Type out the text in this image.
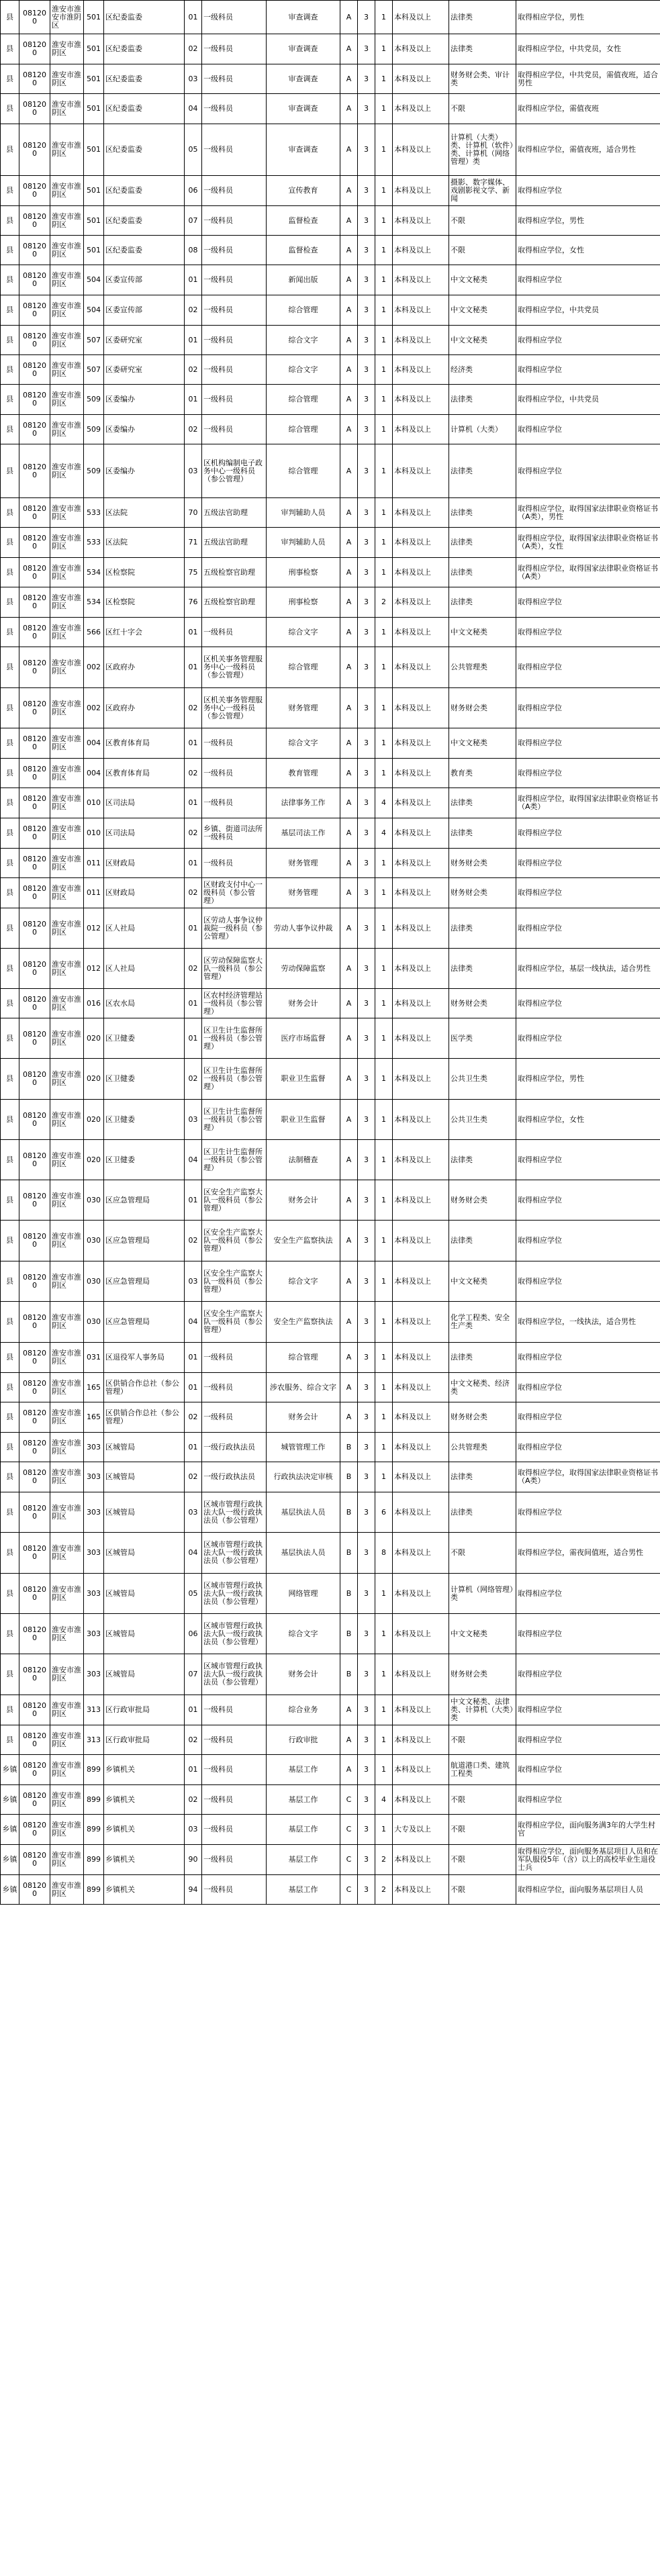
县	081200	淮安市淮安市淮阴区	501	区纪委监委	01	一级科员	审查调查	A	3	1	本科及以上	法律类	取得相应学位，男性
县	081200	淮安市淮阴区	501	区纪委监委	02	一级科员	审查调查	A	3	1	本科及以上	法律类	取得相应学位，中共党员，女性
县	081200	淮安市淮阴区	501	区纪委监委	03	一级科员	审查调查	A	3	1	本科及以上	财务财会类、审计类	取得相应学位，中共党员，需值夜班，适合男性
县	081200	淮安市淮阴区	501	区纪委监委	04	一级科员	审查调查	A	3	1	本科及以上	不限	取得相应学位，需值夜班
县	081200	淮安市淮阴区	501	区纪委监委	05	一级科员	审查调查	A	3	1	本科及以上	计算机（大类）类、计算机（软件）类、计算机（网络管理）类	取得相应学位，需值夜班，适合男性
县	081200	淮安市淮阴区	501	区纪委监委	06	一级科员	宣传教育	A	3	1	本科及以上	摄影、数字媒体、戏剧影视文学、新闻	取得相应学位
县	081200	淮安市淮阴区	501	区纪委监委	07	一级科员	监督检查	A	3	1	本科及以上	不限	取得相应学位，男性
县	081200	淮安市淮阴区	501	区纪委监委	08	一级科员	监督检查	A	3	1	本科及以上	不限	取得相应学位，女性
县	081200	淮安市淮阴区	504	区委宣传部	01	一级科员	新闻出版	A	3	1	本科及以上	中文文秘类	取得相应学位
县	081200	淮安市淮阴区	504	区委宣传部	02	一级科员	综合管理	A	3	1	本科及以上	中文文秘类	取得相应学位，中共党员
县	081200	淮安市淮阴区	507	区委研究室	01	一级科员	综合文字	A	3	1	本科及以上	中文文秘类	取得相应学位
县	081200	淮安市淮阴区	507	区委研究室	02	一级科员	综合文字	A	3	1	本科及以上	经济类	取得相应学位
县	081200	淮安市淮阴区	509	区委编办	01	一级科员	综合管理	A	3	1	本科及以上	法律类	取得相应学位，中共党员
县	081200	淮安市淮阴区	509	区委编办	02	一级科员	综合管理	A	3	1	本科及以上	计算机（大类）	取得相应学位
县	081200	淮安市淮阴区	509	区委编办	03	区机构编制电子政务中心一级科员（参公管理）	综合管理	A	3	1	本科及以上	法律类	取得相应学位
县	081200	淮安市淮阴区	533	区法院	70	五级法官助理	审判辅助人员	A	3	1	本科及以上	法律类	取得相应学位，取得国家法律职业资格证书（A类），男性
县	081200	淮安市淮阴区	533	区法院	71	五级法官助理	审判辅助人员	A	3	1	本科及以上	法律类	取得相应学位，取得国家法律职业资格证书（A类），女性
县	081200	淮安市淮阴区	534	区检察院	75	五级检察官助理	刑事检察	A	3	1	本科及以上	法律类	取得相应学位，取得国家法律职业资格证书（A类）
县	081200	淮安市淮阴区	534	区检察院	76	五级检察官助理	刑事检察	A	3	2	本科及以上	法律类	取得相应学位
县	081200	淮安市淮阴区	566	区红十字会	01	一级科员	综合文字	A	3	1	本科及以上	中文文秘类	取得相应学位
县	081200	淮安市淮阴区	002	区政府办	01	区机关事务管理服务中心一级科员（参公管理）	综合管理	A	3	1	本科及以上	公共管理类	取得相应学位
县	081200	淮安市淮阴区	002	区政府办	02	区机关事务管理服务中心一级科员（参公管理）	财务管理	A	3	1	本科及以上	财务财会类	取得相应学位
县	081200	淮安市淮阴区	004	区教育体育局	01	一级科员	综合文字	A	3	1	本科及以上	中文文秘类	取得相应学位
县	081200	淮安市淮阴区	004	区教育体育局	02	一级科员	教育管理	A	3	1	本科及以上	教育类	取得相应学位
县	081200	淮安市淮阴区	010	区司法局	01	一级科员	法律事务工作	A	3	4	本科及以上	法律类	取得相应学位，取得国家法律职业资格证书（A类）
县	081200	淮安市淮阴区	010	区司法局	02	乡镇、街道司法所一级科员	基层司法工作	A	3	4	本科及以上	法律类	取得相应学位
县	081200	淮安市淮阴区	011	区财政局	01	一级科员	财务管理	A	3	1	本科及以上	财务财会类	取得相应学位
县	081200	淮安市淮阴区	011	区财政局	02	区财政支付中心一级科员（参公管理）	财务管理	A	3	1	本科及以上	财务财会类	取得相应学位
县	081200	淮安市淮阴区	012	区人社局	01	区劳动人事争议仲裁院一级科员（参公管理）	劳动人事争议仲裁	A	3	1	本科及以上	法律类	取得相应学位
县	081200	淮安市淮阴区	012	区人社局	02	区劳动保障监察大队一级科员（参公管理）	劳动保障监察	A	3	1	本科及以上	法律类	取得相应学位，基层一线执法，适合男性
县	081200	淮安市淮阴区	016	区农水局	01	区农村经济管理站一级科员（参公管理）	财务会计	A	3	1	本科及以上	财务财会类	取得相应学位
县	081200	淮安市淮阴区	020	区卫健委	01	区卫生计生监督所一级科员（参公管理）	医疗市场监督	A	3	1	本科及以上	医学类	取得相应学位
县	081200	淮安市淮阴区	020	区卫健委	02	区卫生计生监督所一级科员（参公管理）	职业卫生监督	A	3	1	本科及以上	公共卫生类	取得相应学位，男性
县	081200	淮安市淮阴区	020	区卫健委	03	区卫生计生监督所一级科员（参公管理）	职业卫生监督	A	3	1	本科及以上	公共卫生类	取得相应学位，女性
县	081200	淮安市淮阴区	020	区卫健委	04	区卫生计生监督所一级科员（参公管理）	法制稽查	A	3	1	本科及以上	法律类	取得相应学位
县	081200	淮安市淮阴区	030	区应急管理局	01	区安全生产监察大队一级科员（参公管理）	财务会计	A	3	1	本科及以上	财务财会类	取得相应学位
县	081200	淮安市淮阴区	030	区应急管理局	02	区安全生产监察大队一级科员（参公管理）	安全生产监察执法	A	3	1	本科及以上	法律类	取得相应学位
县	081200	淮安市淮阴区	030	区应急管理局	03	区安全生产监察大队一级科员（参公管理）	综合文字	A	3	1	本科及以上	中文文秘类	取得相应学位
县	081200	淮安市淮阴区	030	区应急管理局	04	区安全生产监察大队一级科员（参公管理）	安全生产监察执法	A	3	1	本科及以上	化学工程类、安全生产类	取得相应学位，一线执法，适合男性
县	081200	淮安市淮阴区	031	区退役军人事务局	01	一级科员	综合管理	A	3	1	本科及以上	法律类	取得相应学位
县	081200	淮安市淮阴区	165	区供销合作总社（参公管理）	01	一级科员	涉农服务、综合文字	A	3	1	本科及以上	中文文秘类、经济类	取得相应学位
县	081200	淮安市淮阴区	165	区供销合作总社（参公管理）	02	一级科员	财务会计	A	3	1	本科及以上	财务财会类	取得相应学位
县	081200	淮安市淮阴区	303	区城管局	01	一级行政执法员	城管管理工作	B	3	1	本科及以上	公共管理类	取得相应学位
县	081200	淮安市淮阴区	303	区城管局	02	一级行政执法员	行政执法决定审核	B	3	1	本科及以上	法律类	取得相应学位，取得国家法律职业资格证书（A类）
县	081200	淮安市淮阴区	303	区城管局	03	区城市管理行政执法大队一级行政执法员（参公管理）	基层执法人员	B	3	6	本科及以上	法律类	取得相应学位
县	081200	淮安市淮阴区	303	区城管局	04	区城市管理行政执法大队一级行政执法员（参公管理）	基层执法人员	B	3	8	本科及以上	不限	取得相应学位，需夜间值班，适合男性
县	081200	淮安市淮阴区	303	区城管局	05	区城市管理行政执法大队一级行政执法员（参公管理）	网络管理	B	3	1	本科及以上	计算机（网络管理）类	取得相应学位
县	081200	淮安市淮阴区	303	区城管局	06	区城市管理行政执法大队一级行政执法员（参公管理）	综合文字	B	3	1	本科及以上	中文文秘类	取得相应学位
县	081200	淮安市淮阴区	303	区城管局	07	区城市管理行政执法大队一级行政执法员（参公管理）	财务会计	B	3	1	本科及以上	财务财会类	取得相应学位
县	081200	淮安市淮阴区	313	区行政审批局	01	一级科员	综合业务	A	3	1	本科及以上	中文文秘类、法律类、计算机（大类）类	取得相应学位
县	081200	淮安市淮阴区	313	区行政审批局	02	一级科员	行政审批	A	3	1	本科及以上	不限	取得相应学位
乡镇	081200	淮安市淮阴区	899	乡镇机关	01	一级科员	基层工作	A	3	1	本科及以上	航道港口类、建筑工程类	取得相应学位
乡镇	081200	淮安市淮阴区	899	乡镇机关	02	一级科员	基层工作	C	3	4	本科及以上	不限	取得相应学位
乡镇	081200	淮安市淮阴区	899	乡镇机关	03	一级科员	基层工作	C	3	1	大专及以上	不限	取得相应学位，面向服务满3年的大学生村官
乡镇	081200	淮安市淮阴区	899	乡镇机关	90	一级科员	基层工作	C	3	2	本科及以上	不限	取得相应学位，面向服务基层项目人员和在军队服役5年（含）以上的高校毕业生退役士兵
乡镇	081200	淮安市淮阴区	899	乡镇机关	94	一级科员	基层工作	C	3	2	本科及以上	不限	取得相应学位，面向服务基层项目人员
